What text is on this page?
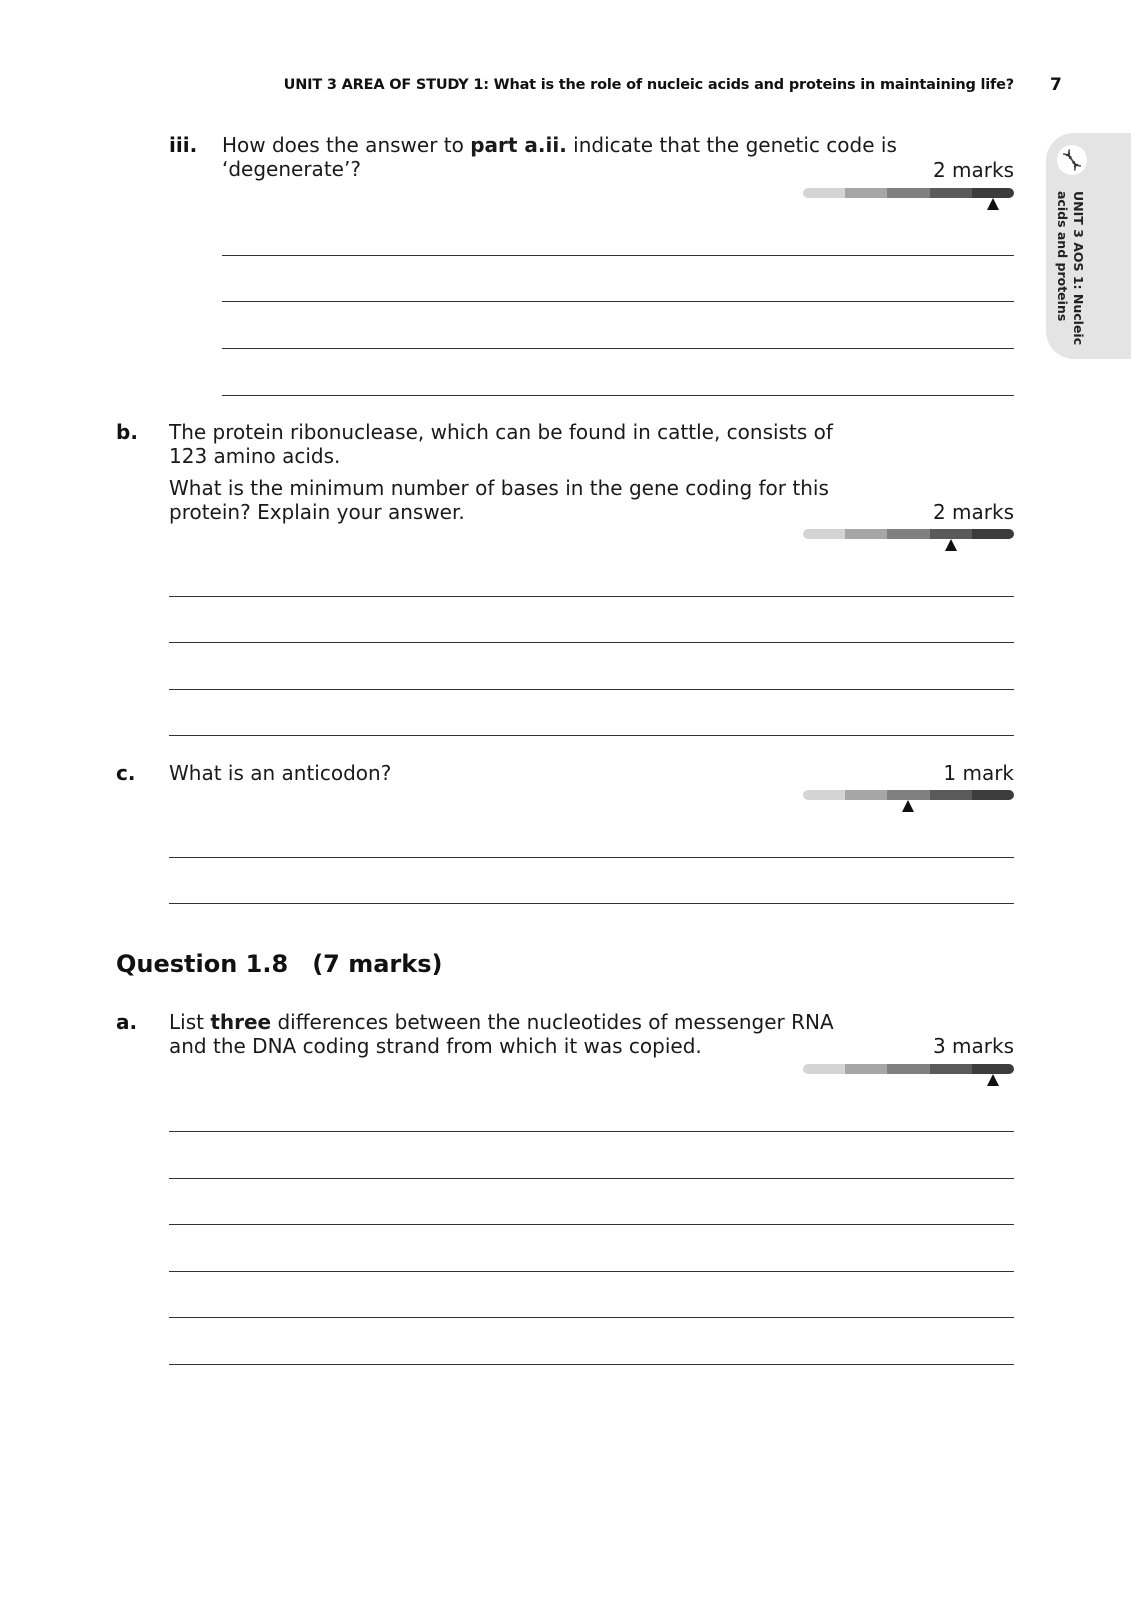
UNIT 3 AREA OF STUDY 1: What is the role of nucleic acids and proteins in maintaining life? 7
UNIT 3 AOS 1: Nucleic
acids and proteins
iii. How does the answer to part a.ii. indicate that the genetic code is ‘degenerate’?	2 marks
b. The protein ribonuclease, which can be found in cattle, consists of 123 amino acids.
What is the minimum number of bases in the gene coding for this protein? Explain your answer.	2 marks
c. What is an anticodon?	1 mark
Question 1.8 (7 marks)
a. List three differences between the nucleotides of messenger RNA and the DNA coding strand from which it was copied.	3 marks
